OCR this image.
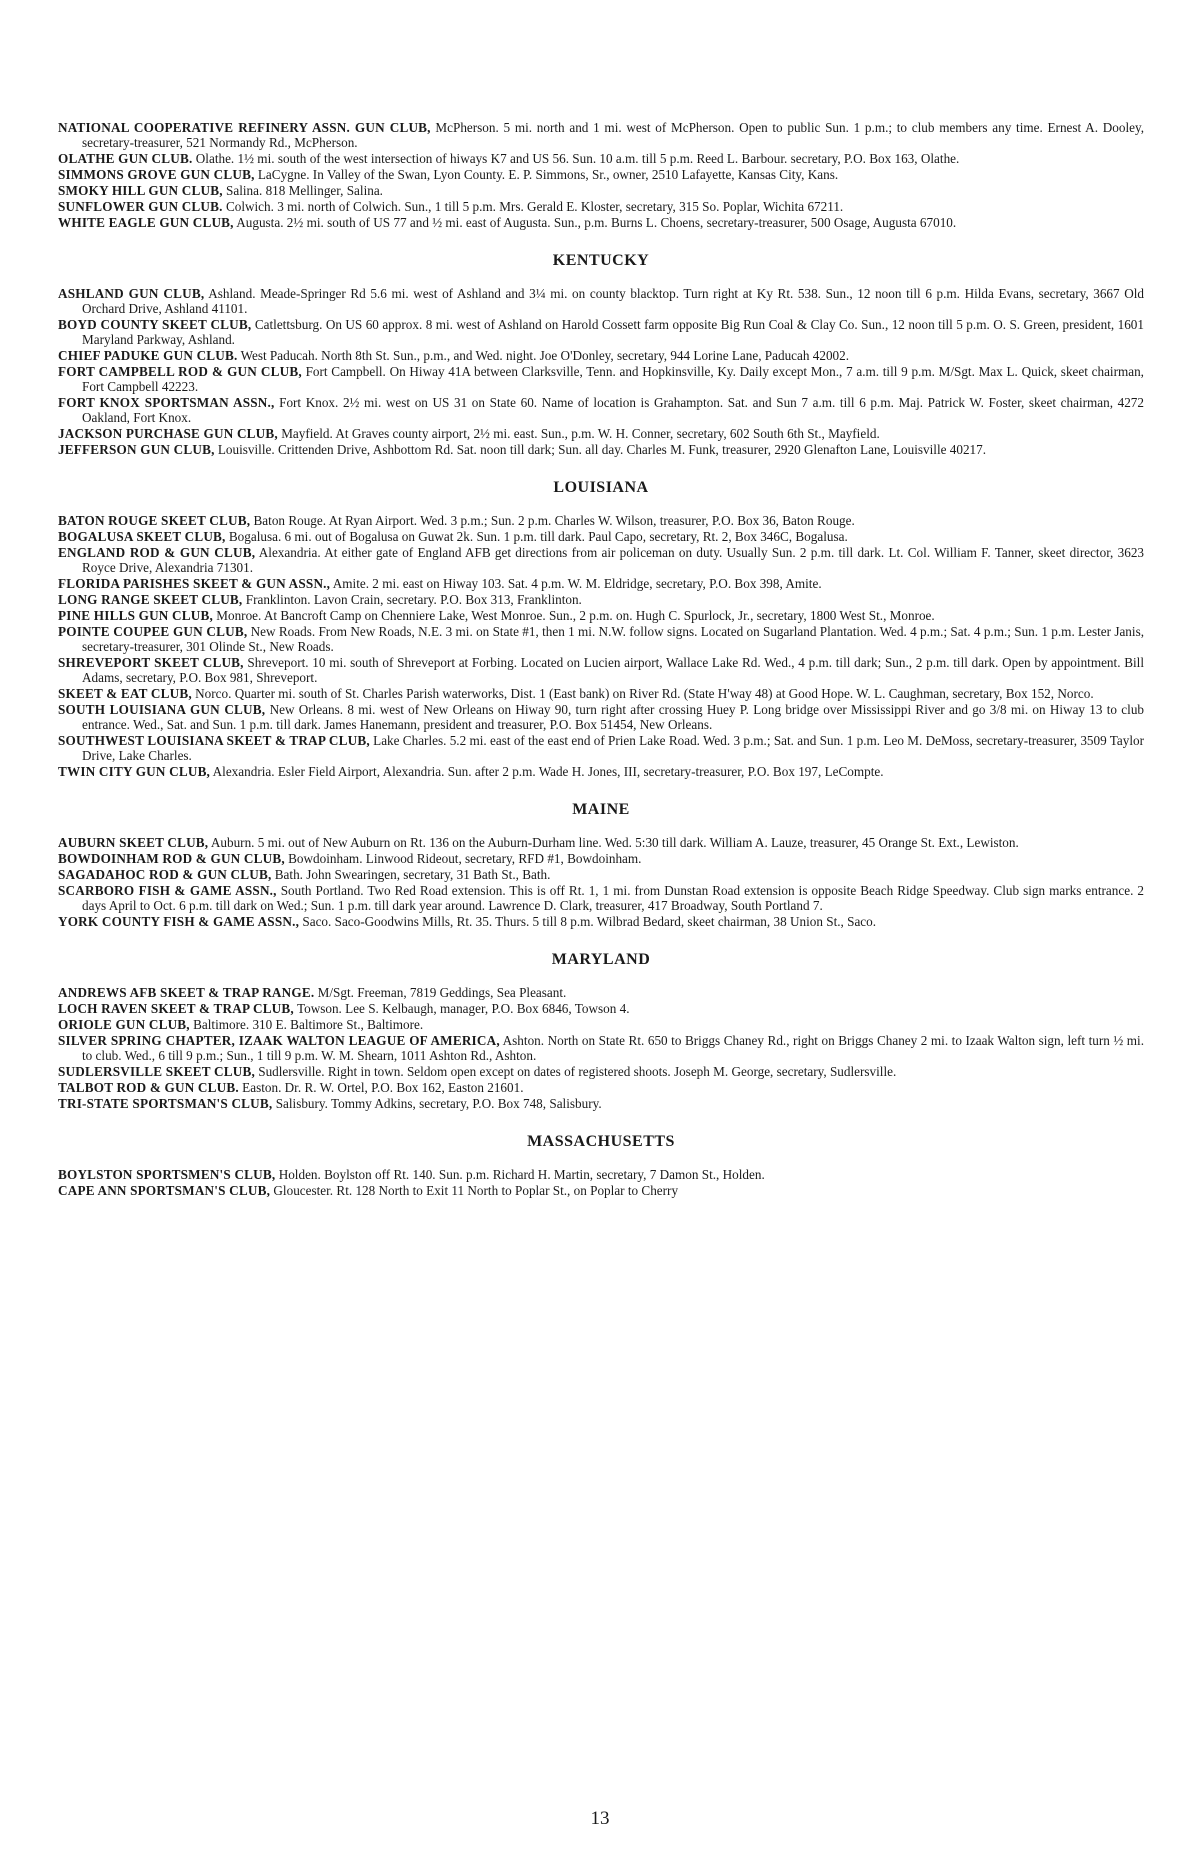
NATIONAL COOPERATIVE REFINERY ASSN. GUN CLUB, McPherson. 5 mi. north and 1 mi. west of McPherson. Open to public Sun. 1 p.m.; to club members any time. Ernest A. Dooley, secretary-treasurer, 521 Normandy Rd., McPherson.

OLATHE GUN CLUB. Olathe. 1½ mi. south of the west intersection of hiways K7 and US 56. Sun. 10 a.m. till 5 p.m. Reed L. Barbour. secretary, P.O. Box 163, Olathe.

SIMMONS GROVE GUN CLUB, LaCygne. In Valley of the Swan, Lyon County. E. P. Simmons, Sr., owner, 2510 Lafayette, Kansas City, Kans.

SMOKY HILL GUN CLUB, Salina. 818 Mellinger, Salina.

SUNFLOWER GUN CLUB. Colwich. 3 mi. north of Colwich. Sun., 1 till 5 p.m. Mrs. Gerald E. Kloster, secretary, 315 So. Poplar, Wichita 67211.

WHITE EAGLE GUN CLUB, Augusta. 2½ mi. south of US 77 and ½ mi. east of Augusta. Sun., p.m. Burns L. Choens, secretary-treasurer, 500 Osage, Augusta 67010.

KENTUCKY

ASHLAND GUN CLUB, Ashland. Meade-Springer Rd 5.6 mi. west of Ashland and 3¼ mi. on county blacktop. Turn right at Ky Rt. 538. Sun., 12 noon till 6 p.m. Hilda Evans, secretary, 3667 Old Orchard Drive, Ashland 41101.

BOYD COUNTY SKEET CLUB, Catlettsburg. On US 60 approx. 8 mi. west of Ashland on Harold Cossett farm opposite Big Run Coal & Clay Co. Sun., 12 noon till 5 p.m. O. S. Green, president, 1601 Maryland Parkway, Ashland.

CHIEF PADUKE GUN CLUB. West Paducah. North 8th St. Sun., p.m., and Wed. night. Joe O'Donley, secretary, 944 Lorine Lane, Paducah 42002.

FORT CAMPBELL ROD & GUN CLUB, Fort Campbell. On Hiway 41A between Clarksville, Tenn. and Hopkinsville, Ky. Daily except Mon., 7 a.m. till 9 p.m. M/Sgt. Max L. Quick, skeet chairman, Fort Campbell 42223.

FORT KNOX SPORTSMAN ASSN., Fort Knox. 2½ mi. west on US 31 on State 60. Name of location is Grahampton. Sat. and Sun 7 a.m. till 6 p.m. Maj. Patrick W. Foster, skeet chairman, 4272 Oakland, Fort Knox.

JACKSON PURCHASE GUN CLUB, Mayfield. At Graves county airport, 2½ mi. east. Sun., p.m. W. H. Conner, secretary, 602 South 6th St., Mayfield.

JEFFERSON GUN CLUB, Louisville. Crittenden Drive, Ashbottom Rd. Sat. noon till dark; Sun. all day. Charles M. Funk, treasurer, 2920 Glenafton Lane, Louisville 40217.

LOUISIANA

BATON ROUGE SKEET CLUB, Baton Rouge. At Ryan Airport. Wed. 3 p.m.; Sun. 2 p.m. Charles W. Wilson, treasurer, P.O. Box 36, Baton Rouge.

BOGALUSA SKEET CLUB, Bogalusa. 6 mi. out of Bogalusa on Guwat 2k. Sun. 1 p.m. till dark. Paul Capo, secretary, Rt. 2, Box 346C, Bogalusa.

ENGLAND ROD & GUN CLUB, Alexandria. At either gate of England AFB get directions from air policeman on duty. Usually Sun. 2 p.m. till dark. Lt. Col. William F. Tanner, skeet director, 3623 Royce Drive, Alexandria 71301.

FLORIDA PARISHES SKEET & GUN ASSN., Amite. 2 mi. east on Hiway 103. Sat. 4 p.m. W. M. Eldridge, secretary, P.O. Box 398, Amite.

LONG RANGE SKEET CLUB, Franklinton. Lavon Crain, secretary. P.O. Box 313, Franklinton.

PINE HILLS GUN CLUB, Monroe. At Bancroft Camp on Chenniere Lake, West Monroe. Sun., 2 p.m. on. Hugh C. Spurlock, Jr., secretary, 1800 West St., Monroe.

POINTE COUPEE GUN CLUB, New Roads. From New Roads, N.E. 3 mi. on State #1, then 1 mi. N.W. follow signs. Located on Sugarland Plantation. Wed. 4 p.m.; Sat. 4 p.m.; Sun. 1 p.m. Lester Janis, secretary-treasurer, 301 Olinde St., New Roads.

SHREVEPORT SKEET CLUB, Shreveport. 10 mi. south of Shreveport at Forbing. Located on Lucien airport, Wallace Lake Rd. Wed., 4 p.m. till dark; Sun., 2 p.m. till dark. Open by appointment. Bill Adams, secretary, P.O. Box 981, Shreveport.

SKEET & EAT CLUB, Norco. Quarter mi. south of St. Charles Parish waterworks, Dist. 1 (East bank) on River Rd. (State H'way 48) at Good Hope. W. L. Caughman, secretary, Box 152, Norco.

SOUTH LOUISIANA GUN CLUB, New Orleans. 8 mi. west of New Orleans on Hiway 90, turn right after crossing Huey P. Long bridge over Mississippi River and go 3/8 mi. on Hiway 13 to club entrance. Wed., Sat. and Sun. 1 p.m. till dark. James Hanemann, president and treasurer, P.O. Box 51454, New Orleans.

SOUTHWEST LOUISIANA SKEET & TRAP CLUB, Lake Charles. 5.2 mi. east of the east end of Prien Lake Road. Wed. 3 p.m.; Sat. and Sun. 1 p.m. Leo M. DeMoss, secretary-treasurer, 3509 Taylor Drive, Lake Charles.

TWIN CITY GUN CLUB, Alexandria. Esler Field Airport, Alexandria. Sun. after 2 p.m. Wade H. Jones, III, secretary-treasurer, P.O. Box 197, LeCompte.

MAINE

AUBURN SKEET CLUB, Auburn. 5 mi. out of New Auburn on Rt. 136 on the Auburn-Durham line. Wed. 5:30 till dark. William A. Lauze, treasurer, 45 Orange St. Ext., Lewiston.

BOWDOINHAM ROD & GUN CLUB, Bowdoinham. Linwood Rideout, secretary, RFD #1, Bowdoinham.

SAGADAHOC ROD & GUN CLUB, Bath. John Swearingen, secretary, 31 Bath St., Bath.

SCARBORO FISH & GAME ASSN., South Portland. Two Red Road extension. This is off Rt. 1, 1 mi. from Dunstan Road extension is opposite Beach Ridge Speedway. Club sign marks entrance. 2 days April to Oct. 6 p.m. till dark on Wed.; Sun. 1 p.m. till dark year around. Lawrence D. Clark, treasurer, 417 Broadway, South Portland 7.

YORK COUNTY FISH & GAME ASSN., Saco. Saco-Goodwins Mills, Rt. 35. Thurs. 5 till 8 p.m. Wilbrad Bedard, skeet chairman, 38 Union St., Saco.

MARYLAND

ANDREWS AFB SKEET & TRAP RANGE. M/Sgt. Freeman, 7819 Geddings, Sea Pleasant.

LOCH RAVEN SKEET & TRAP CLUB, Towson. Lee S. Kelbaugh, manager, P.O. Box 6846, Towson 4.

ORIOLE GUN CLUB, Baltimore. 310 E. Baltimore St., Baltimore.

SILVER SPRING CHAPTER, IZAAK WALTON LEAGUE OF AMERICA, Ashton. North on State Rt. 650 to Briggs Chaney Rd., right on Briggs Chaney 2 mi. to Izaak Walton sign, left turn ½ mi. to club. Wed., 6 till 9 p.m.; Sun., 1 till 9 p.m. W. M. Shearn, 1011 Ashton Rd., Ashton.

SUDLERSVILLE SKEET CLUB, Sudlersville. Right in town. Seldom open except on dates of registered shoots. Joseph M. George, secretary, Sudlersville.

TALBOT ROD & GUN CLUB. Easton. Dr. R. W. Ortel, P.O. Box 162, Easton 21601.

TRI-STATE SPORTSMAN'S CLUB, Salisbury. Tommy Adkins, secretary, P.O. Box 748, Salisbury.

MASSACHUSETTS

BOYLSTON SPORTSMEN'S CLUB, Holden. Boylston off Rt. 140. Sun. p.m. Richard H. Martin, secretary, 7 Damon St., Holden.

CAPE ANN SPORTSMAN'S CLUB, Gloucester. Rt. 128 North to Exit 11 North to Poplar St., on Poplar to Cherry

13
